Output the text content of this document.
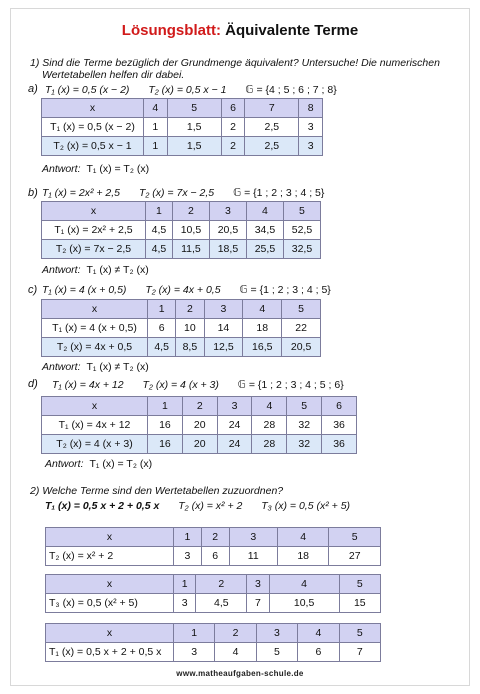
Lösungsblatt: Äquivalente Terme
1) Sind die Terme bezüglich der Grundmenge äquivalent? Untersuche! Die numerischen
Wertetabellen helfen dir dabei.
a) T₁ (x) = 0,5 (x − 2) T₂ (x) = 0,5 x − 1 𝔾 = {4 ; 5 ; 6 ; 7 ; 8}
x	4	5	6	7	8
T₁ (x) = 0,5 (x − 2)	1	1,5	2	2,5	3
T₂ (x) = 0,5 x − 1	1	1,5	2	2,5	3
Antwort: T₁ (x) = T₂ (x)
b) T₁ (x) = 2x² + 2,5 T₂ (x) = 7x − 2,5 𝔾 = {1 ; 2 ; 3 ; 4 ; 5}
x	1	2	3	4	5
T₁ (x) = 2x² + 2,5	4,5	10,5	20,5	34,5	52,5
T₂ (x) = 7x − 2,5	4,5	11,5	18,5	25,5	32,5
Antwort: T₁ (x) ≠ T₂ (x)
c) T₁ (x) = 4 (x + 0,5) T₂ (x) = 4x + 0,5 𝔾 = {1 ; 2 ; 3 ; 4 ; 5}
x	1	2	3	4	5
T₁ (x) = 4 (x + 0,5)	6	10	14	18	22
T₂ (x) = 4x + 0,5	4,5	8,5	12,5	16,5	20,5
Antwort: T₁ (x) ≠ T₂ (x)
d) T₁ (x) = 4x + 12 T₂ (x) = 4 (x + 3) 𝔾 = {1 ; 2 ; 3 ; 4 ; 5 ; 6}
x	1	2	3	4	5	6
T₁ (x) = 4x + 12	16	20	24	28	32	36
T₂ (x) = 4 (x + 3)	16	20	24	28	32	36
Antwort: T₁ (x) = T₂ (x)
2) Welche Terme sind den Wertetabellen zuzuordnen?
T₁ (x) = 0,5 x + 2 + 0,5 x T₂ (x) = x² + 2 T₃ (x) = 0,5 (x² + 5)
x	1	2	3	4	5
T₂ (x) = x² + 2	3	6	11	18	27
x	1	2	3	4	5
T₃ (x) = 0,5 (x² + 5)	3	4,5	7	10,5	15
x	1	2	3	4	5
T₁ (x) = 0,5 x + 2 + 0,5 x	3	4	5	6	7
www.matheaufgaben-schule.de
